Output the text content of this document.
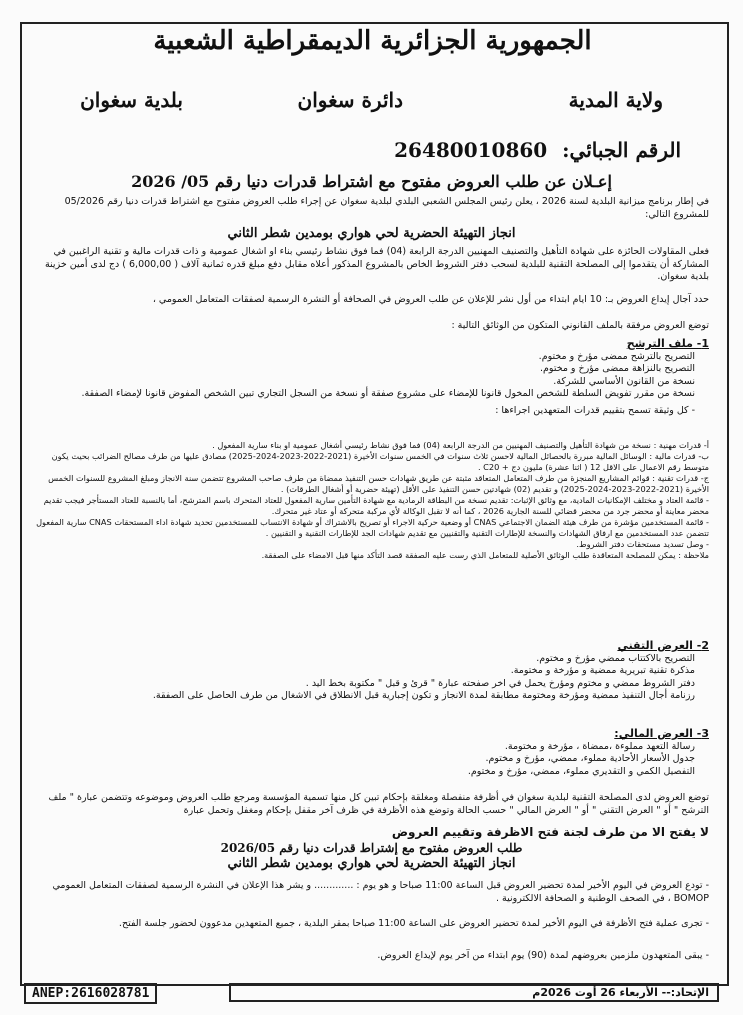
الجمهورية الجزائرية الديمقراطية الشعبية
ولاية المدية
دائرة سغوان
بلدية سغوان
الرقم الجبائي: 26480010860
إعـلان عن طلب العروض مفتوح مع اشتراط قدرات دنيا رقم 05/ 2026
في إطار برنامج ميزانية البلدية لسنة 2026 ، يعلن رئيس المجلس الشعبي البلدي لبلدية سغوان عن إجراء طلب العروض مفتوح مع اشتراط قدرات دنيا رقم 05/2026 للمشروع التالي:
انجاز التهيئة الحضرية لحي هواري بومدين شطر الثاني
فعلى المقاولات الحائزة على شهادة التأهيل والتصنيف المهنيين الدرجة الرابعة (04) فما فوق نشاط رئيسي بناء او اشغال عمومية و ذات قدرات مالية و تقنية الراغبين في المشاركة أن يتقدموا إلى المصلحة التقنية للبلدية لسحب دفتر الشروط الخاص بالمشروع المذكور أعلاه مقابل دفع مبلغ قدره ثمانية آلاف ( 6,000,00 ) دج لدى أمين خزينة بلدية سغوان.
حدد آجال إيداع العروض بـ: 10 ايام ابتداء من أول نشر للإعلان عن طلب العروض في الصحافة أو النشرة الرسمية لصفقات المتعامل العمومي ،
توضع العروض مرفقة بالملف القانوني المتكون من الوثائق التالية :
1- ملف الترشح
التصريح بالترشح ممضى مؤرخ و مختوم.
التصريح بالنزاهة ممضى مؤرخ و مختوم.
نسخة من القانون الأساسي للشركة.
نسخة من مقرر تفويض السلطة للشخص المخول قانونا للإمضاء على مشروع صفقة أو نسخة من السجل التجاري تبين الشخص المفوض قانونا لإمضاء الصفقة.
- كل وثيقة تسمح بتقييم قدرات المتعهدين اجراءها :
أ- قدرات مهنية : نسخة من شهادة التأهيل والتصنيف المهنيين من الدرجة الرابعة (04) فما فوق نشاط رئيسي أشغال عمومية او بناء سارية المفعول .
ب- قدرات مالية : الوسائل المالية مبررة بالحصائل المالية لاحسن ثلاث سنوات في الخمس سنوات الأخيرة (2021-2022-2023-2024-2025) مصادق عليها من طرف مصالح الضرائب بحيث يكون متوسط رقم الاعمال على الاقل 12 ( اثنا عشرة) مليون دج + C20 .
ج- قدرات تقنية : قوائم المشاريع المنجزة من طرف المتعامل المتعاقد مثبتة عن طريق شهادات حسن التنفيذ ممضاة من طرف صاحب المشروع تتضمن سنة الانجاز ومبلغ المشروع للسنوات الخمس الأخيرة (2021-2022-2023-2024-2025) و تقديم (02) شهادتين حسن التنفيذ على الأقل (تهيئة حضرية أو أشغال الطرقات) .
- قائمة العتاد و مختلف الإمكانيات المادية، مع وثائق الإثبات: تقديم نسخة من البطاقة الرمادية مع شهادة التأمين سارية المفعول للعتاد المتحرك باسم المترشح، أما بالنسبة للعتاد المستأجر فيجب تقديم محضر معاينة أو محضر جرد من محضر قضائي للسنة الجارية 2026 ، كما أنه لا تقبل الوكالة لأي مركبة متحركة أو عتاد غير متحرك.
- قائمة المستخدمين مؤشرة من طرف هيئة الضمان الاجتماعي CNAS أو وضعية حركية الاجراء أو تصريح بالاشتراك أو شهادة الانتساب للمستخدمين تحديد شهادة اداء المستحقات CNAS سارية المفعول تتضمن عدد المستخدمين مع ارفاق الشهادات والنسخة للإطارات التقنية والتقنيين مع تقديم شهادات الجد للإطارات التقنية و التقنيين .
- وصل تسديد مستحقات دفتر الشروط.
ملاحظة : يمكن للمصلحة المتعاقدة طلب الوثائق الأصلية للمتعامل الذي رست عليه الصفقة قصد التأكد منها قبل الامضاء على الصفقة.
2- العرض التقني
التصريح بالاكتتاب ممضي مؤرخ و مختوم.
مذكرة تقنية تبريرية ممضية و مؤرخة و مختومة.
دفتر الشروط ممضي و مختوم ومؤرخ يحمل في اخر صفحته عبارة " قرئ و قبل " مكتوبة بخط اليد .
رزنامة أجال التنفيذ ممضية ومؤرخة ومختومة مطابقة لمدة الانجاز و تكون إجبارية قبل الانطلاق في الاشغال من طرف الحاصل على الصفقة.
3- العرض المالي:
رسالة التعهد مملوءة ،ممضاة ، مؤرخة و مختومة.
جدول الأسعار الأحادية مملوء، ممضي، مؤرخ و مختوم.
التفصيل الكمي و التقديري مملوء، ممضي، مؤرخ و مختوم.
توضع العروض لدى المصلحة التقنية لبلدية سغوان في أظرفة منفصلة ومغلقة بإحكام تبين كل منها تسمية المؤسسة ومرجع طلب العروض وموضوعه وتتضمن عبارة " ملف الترشح " أو " العرض التقني " أو " العرض المالي " حسب الحالة وتوضع هذه الأظرفة في ظرف آخر مقفل بإحكام ومغفل وتحمل عبارة
لا يفتح الا من طرف لجنة فتح الاظرفة وتقييم العروض
طلب العروض مفتوح مع إشتراط قدرات دنيا رقم 2026/05
انجاز التهيئة الحضرية لحي هواري بومدين شطر الثاني
- تودع العروض في اليوم الأخير لمدة تحضير العروض قبل الساعة 11:00 صباحا و هو يوم : ............. و يشر هذا الإعلان في النشرة الرسمية لصفقات المتعامل العمومي BOMOP ، في الصحف الوطنية و الصحافة الالكترونية .
- تجرى عملية فتح الأظرفة في اليوم الأخير لمدة تحضير العروض على الساعة 11:00 صباحا بمقر البلدية ، جميع المتعهدين مدعوون لحضور جلسة الفتح.
- يبقى المتعهدون ملزمين بعروضهم لمدة (90) يوم ابتداء من آخر يوم لإيداع العروض.
ANEP:2616028781	الإتحاد:-- الأربعاء 26 أوت 2026م
